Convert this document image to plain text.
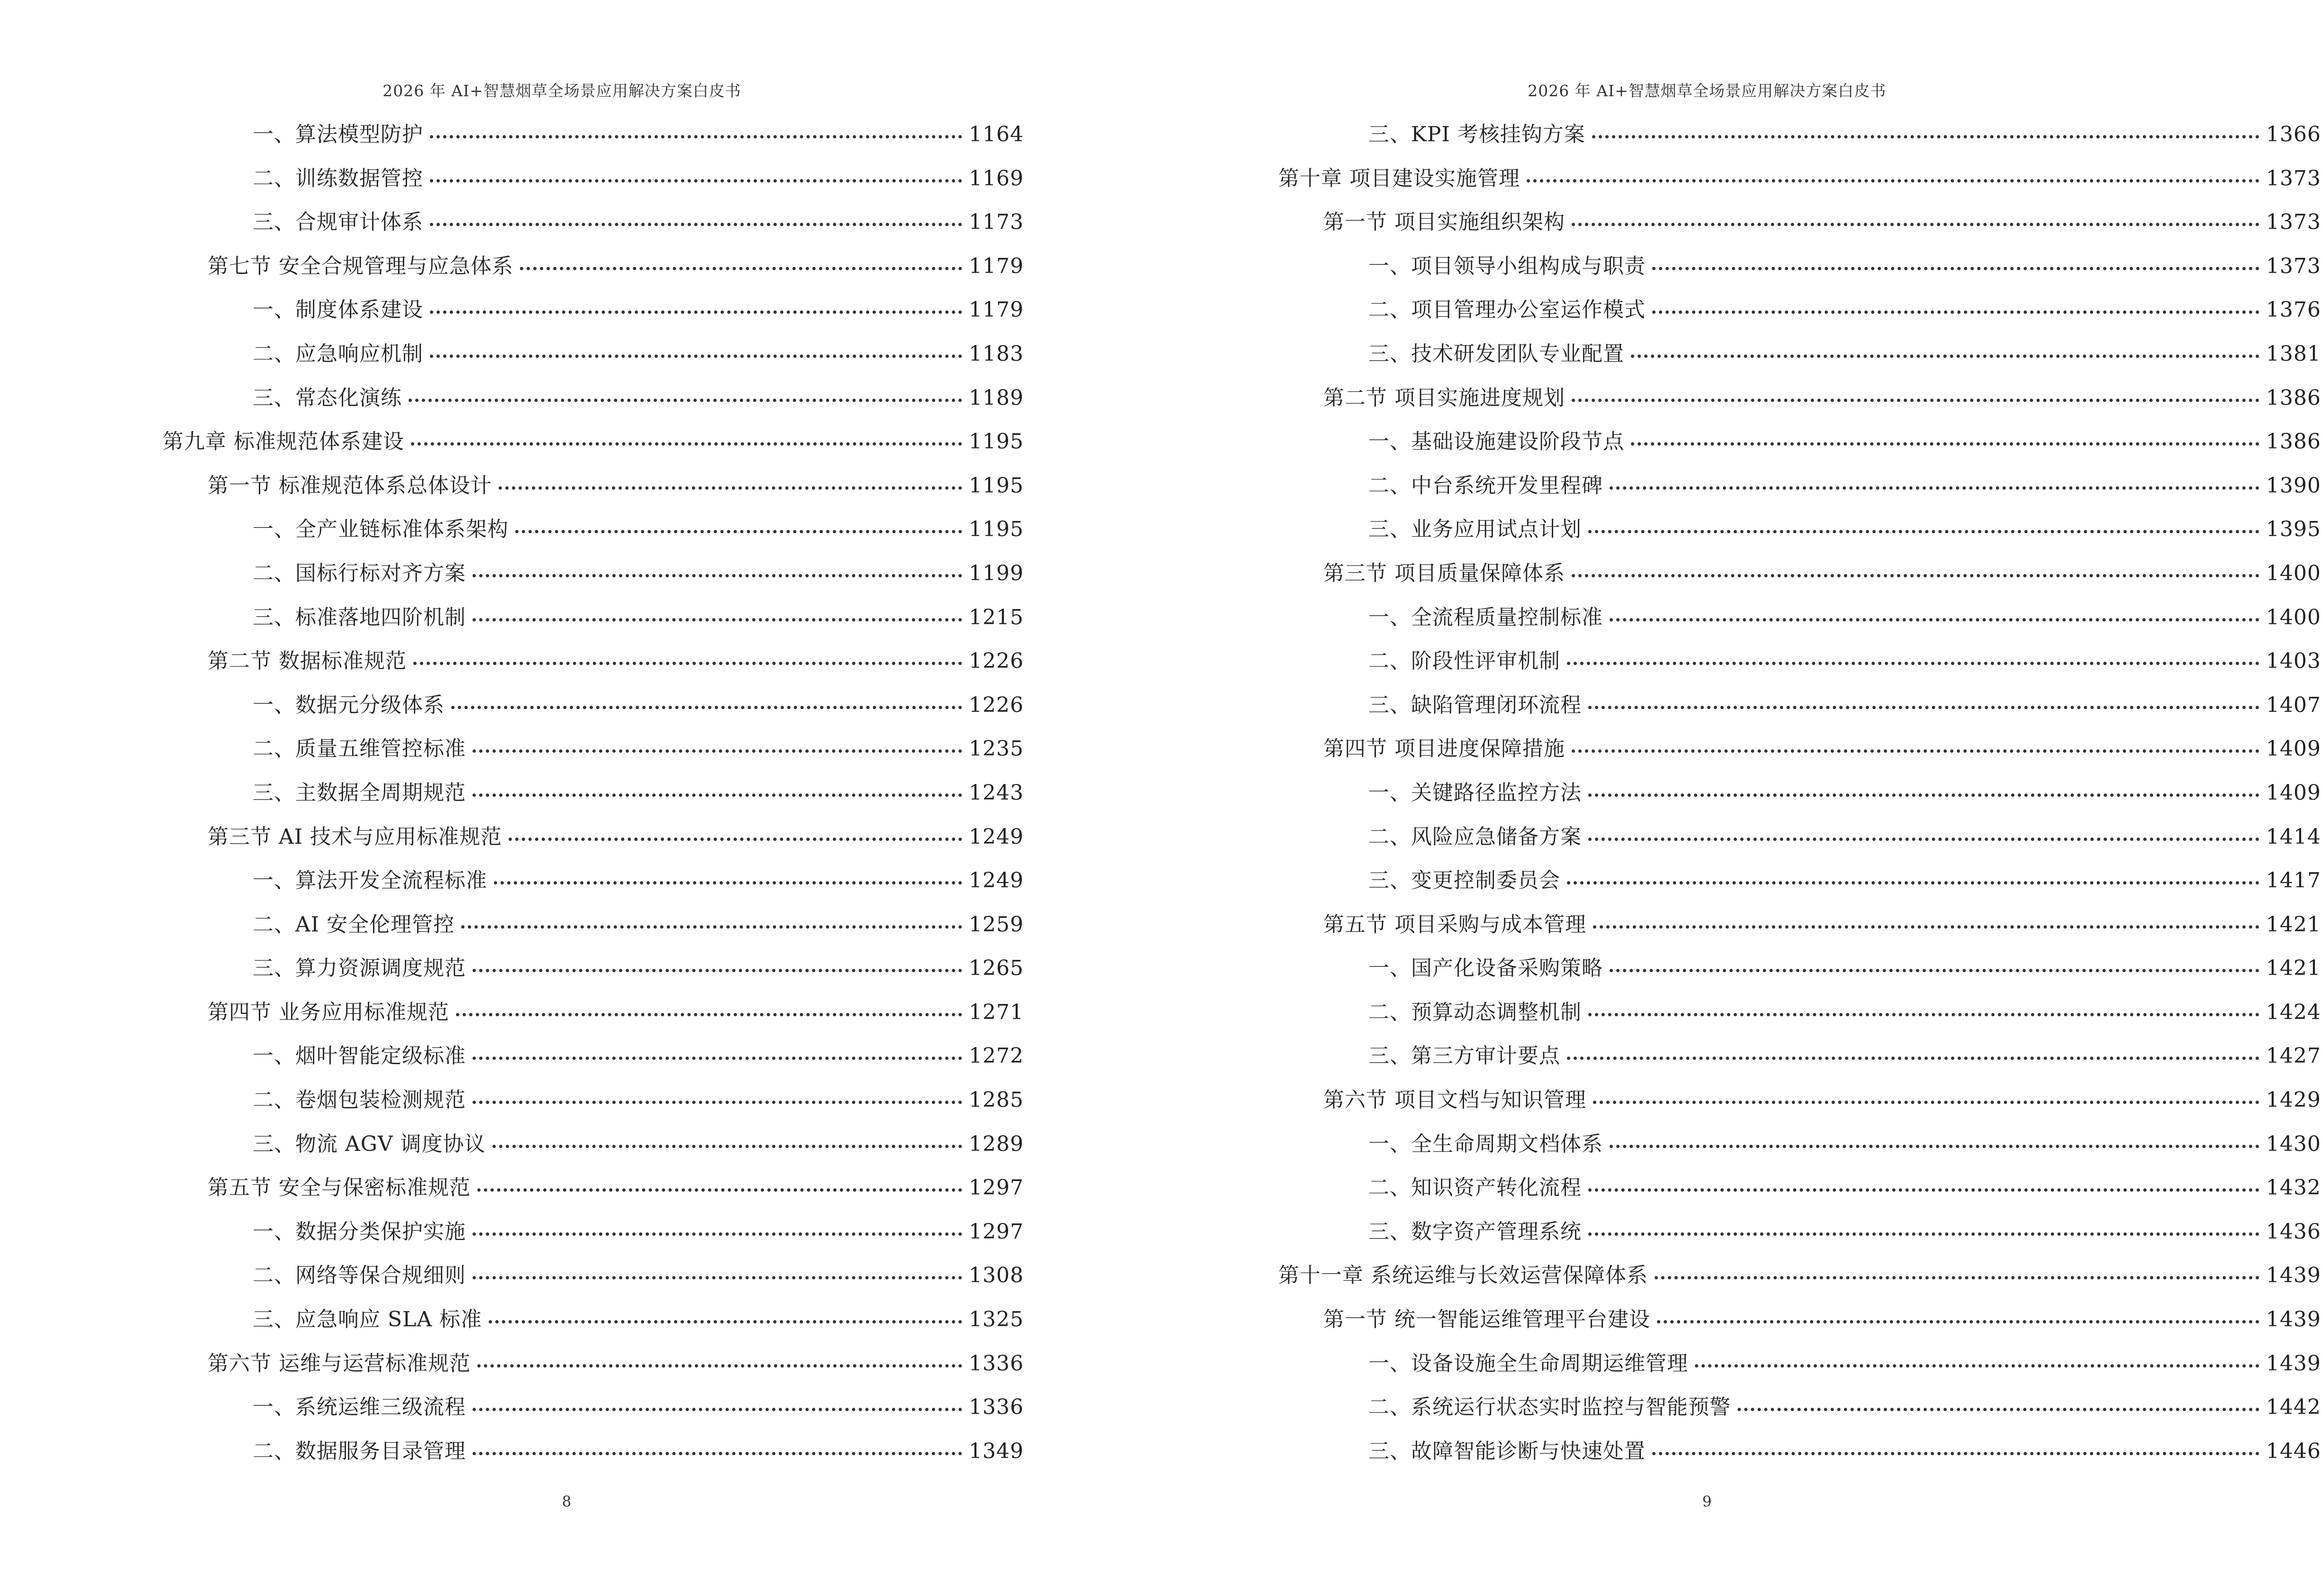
2026 年 AI+智慧烟草全场景应用解决方案白皮书
一、算法模型防护	1164
二、训练数据管控	1169
三、合规审计体系	1173
第七节 安全合规管理与应急体系	1179
一、制度体系建设	1179
二、应急响应机制	1183
三、常态化演练	1189
第九章 标准规范体系建设	1195
第一节 标准规范体系总体设计	1195
一、全产业链标准体系架构	1195
二、国标行标对齐方案	1199
三、标准落地四阶机制	1215
第二节 数据标准规范	1226
一、数据元分级体系	1226
二、质量五维管控标准	1235
三、主数据全周期规范	1243
第三节 AI 技术与应用标准规范	1249
一、算法开发全流程标准	1249
二、AI 安全伦理管控	1259
三、算力资源调度规范	1265
第四节 业务应用标准规范	1271
一、烟叶智能定级标准	1272
二、卷烟包装检测规范	1285
三、物流 AGV 调度协议	1289
第五节 安全与保密标准规范	1297
一、数据分类保护实施	1297
二、网络等保合规细则	1308
三、应急响应 SLA 标准	1325
第六节 运维与运营标准规范	1336
一、系统运维三级流程	1336
二、数据服务目录管理	1349
8
2026 年 AI+智慧烟草全场景应用解决方案白皮书
三、KPI 考核挂钩方案	1366
第十章 项目建设实施管理	1373
第一节 项目实施组织架构	1373
一、项目领导小组构成与职责	1373
二、项目管理办公室运作模式	1376
三、技术研发团队专业配置	1381
第二节 项目实施进度规划	1386
一、基础设施建设阶段节点	1386
二、中台系统开发里程碑	1390
三、业务应用试点计划	1395
第三节 项目质量保障体系	1400
一、全流程质量控制标准	1400
二、阶段性评审机制	1403
三、缺陷管理闭环流程	1407
第四节 项目进度保障措施	1409
一、关键路径监控方法	1409
二、风险应急储备方案	1414
三、变更控制委员会	1417
第五节 项目采购与成本管理	1421
一、国产化设备采购策略	1421
二、预算动态调整机制	1424
三、第三方审计要点	1427
第六节 项目文档与知识管理	1429
一、全生命周期文档体系	1430
二、知识资产转化流程	1432
三、数字资产管理系统	1436
第十一章 系统运维与长效运营保障体系	1439
第一节 统一智能运维管理平台建设	1439
一、设备设施全生命周期运维管理	1439
二、系统运行状态实时监控与智能预警	1442
三、故障智能诊断与快速处置	1446
9
